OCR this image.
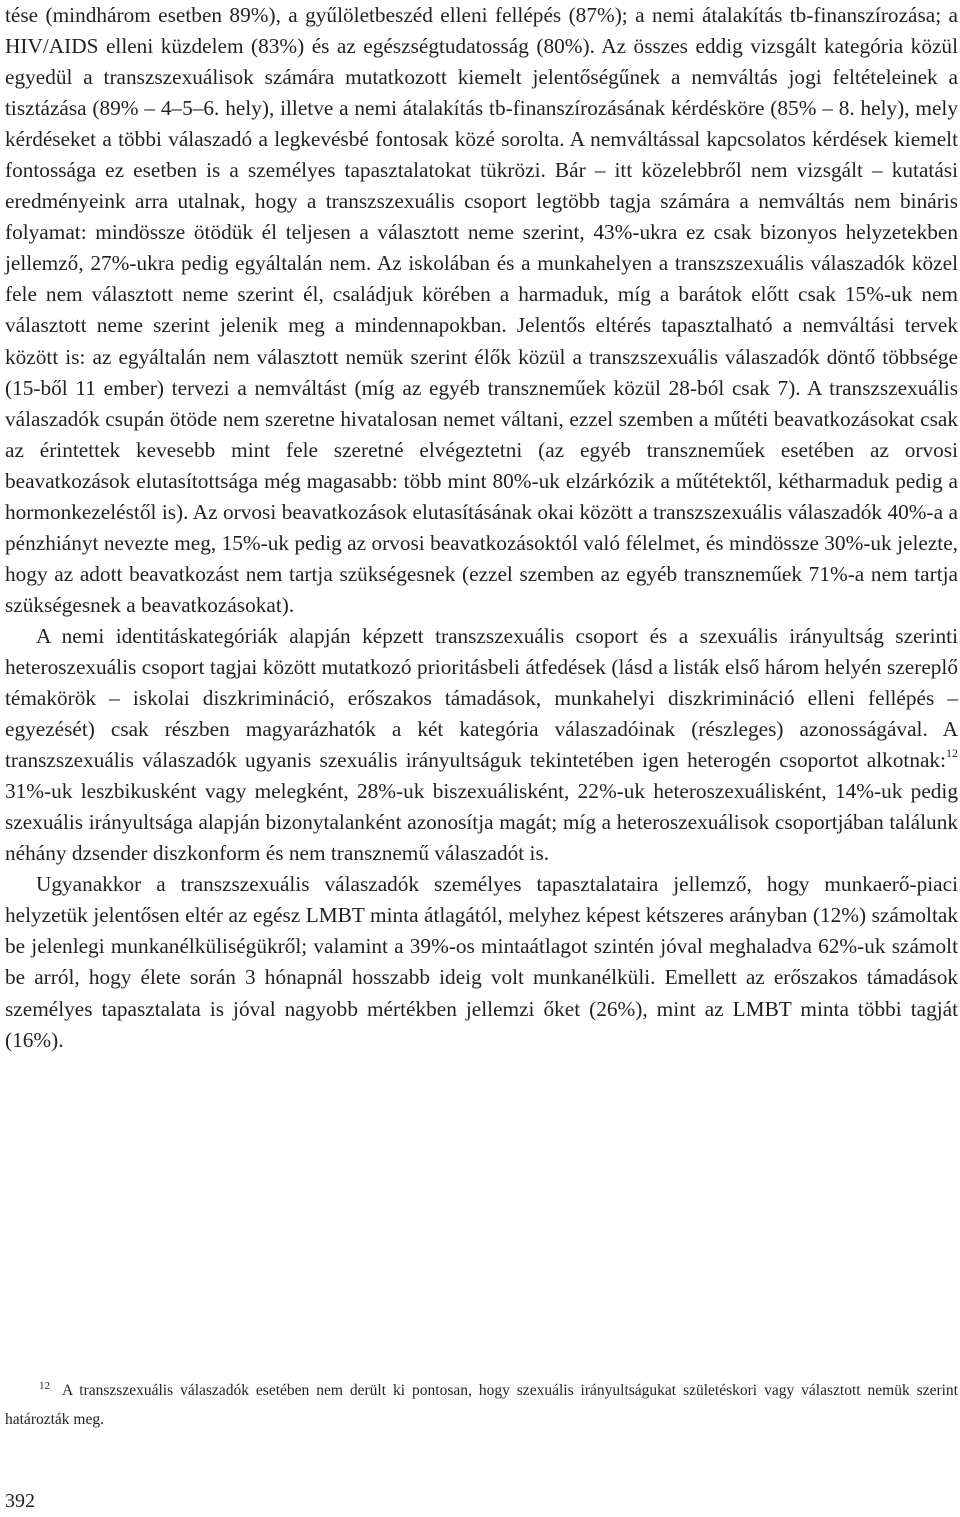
tése (mindhárom esetben 89%), a gyűlöletbeszéd elleni fellépés (87%); a nemi átalakítás tb-finanszírozása; a HIV/AIDS elleni küzdelem (83%) és az egészségtudatosság (80%). Az összes eddig vizsgált kategória közül egyedül a transzszexuálisok számára mutatkozott kiemelt jelentőségűnek a nemváltás jogi feltételeinek a tisztázása (89% – 4–5–6. hely), illetve a nemi átalakítás tb-finanszírozásának kérdésköre (85% – 8. hely), mely kérdéseket a többi válaszadó a legkevésbé fontosak közé sorolta. A nemváltással kapcsolatos kérdések kiemelt fontossága ez esetben is a személyes tapasztalatokat tükrözi. Bár – itt közelebbről nem vizsgált – kutatási eredményeink arra utalnak, hogy a transzszexuális csoport legtöbb tagja számára a nemváltás nem bináris folyamat: mindössze ötödük él teljesen a választott neme szerint, 43%-ukra ez csak bizonyos helyzetekben jellemző, 27%-ukra pedig egyáltalán nem. Az iskolában és a munkahelyen a transzszexuális válaszadók közel fele nem választott neme szerint él, családjuk körében a harmaduk, míg a barátok előtt csak 15%-uk nem választott neme szerint jelenik meg a mindennapokban. Jelentős eltérés tapasztalható a nemváltási tervek között is: az egyáltalán nem választott nemük szerint élők közül a transzszexuális válaszadók döntő többsége (15-ből 11 ember) tervezi a nemváltást (míg az egyéb transzneműek közül 28-ból csak 7). A transzszexuális válaszadók csupán ötöde nem szeretne hivatalosan nemet váltani, ezzel szemben a műtéti beavatkozásokat csak az érintettek kevesebb mint fele szeretné elvégeztetni (az egyéb transzneműek esetében az orvosi beavatkozások elutasítottsága még magasabb: több mint 80%-uk elzárkózik a műtétektől, kétharmaduk pedig a hormonkezeléstől is). Az orvosi beavatkozások elutasításának okai között a transzszexuális válaszadók 40%-a a pénzhiányt nevezte meg, 15%-uk pedig az orvosi beavatkozásoktól való félelmet, és mindössze 30%-uk jelezte, hogy az adott beavatkozást nem tartja szükségesnek (ezzel szemben az egyéb transzneműek 71%-a nem tartja szükségesnek a beavatkozásokat).

A nemi identitáskategóriák alapján képzett transzszexuális csoport és a szexuális irányultság szerinti heteroszexuális csoport tagjai között mutatkozó prioritásbeli átfedések (lásd a listák első három helyén szereplő témakörök – iskolai diszkrimináció, erőszakos támadások, munkahelyi diszkrimináció elleni fellépés – egyezését) csak részben magyarázhatók a két kategória válaszadóinak (részleges) azonosságával. A transzszexuális válaszadók ugyanis szexuális irányultságuk tekintetében igen heterogén csoportot alkotnak:$^{12}$ 31%-uk leszbikusként vagy melegként, 28%-uk biszexuálisként, 22%-uk heteroszexuálisként, 14%-uk pedig szexuális irányultsága alapján bizonytalanként azonosítja magát; míg a heteroszexuálisok csoportjában találunk néhány dzsender diszkonform és nem transznemű válaszadót is.

Ugyanakkor a transzszexuális válaszadók személyes tapasztalataira jellemző, hogy munkaerő-piaci helyzetük jelentősen eltér az egész LMBT minta átlagától, melyhez képest kétszeres arányban (12%) számoltak be jelenlegi munkanélküliségükről; valamint a 39%-os mintaátlagot szintén jóval meghaladva 62%-uk számolt be arról, hogy élete során 3 hónapnál hosszabb ideig volt munkanélküli. Emellett az erőszakos támadások személyes tapasztalata is jóval nagyobb mértékben jellemzi őket (26%), mint az LMBT minta többi tagját (16%).

12 A transzszexuális válaszadók esetében nem derült ki pontosan, hogy szexuális irányultságukat születéskori vagy választott nemük szerint határozták meg.
392
